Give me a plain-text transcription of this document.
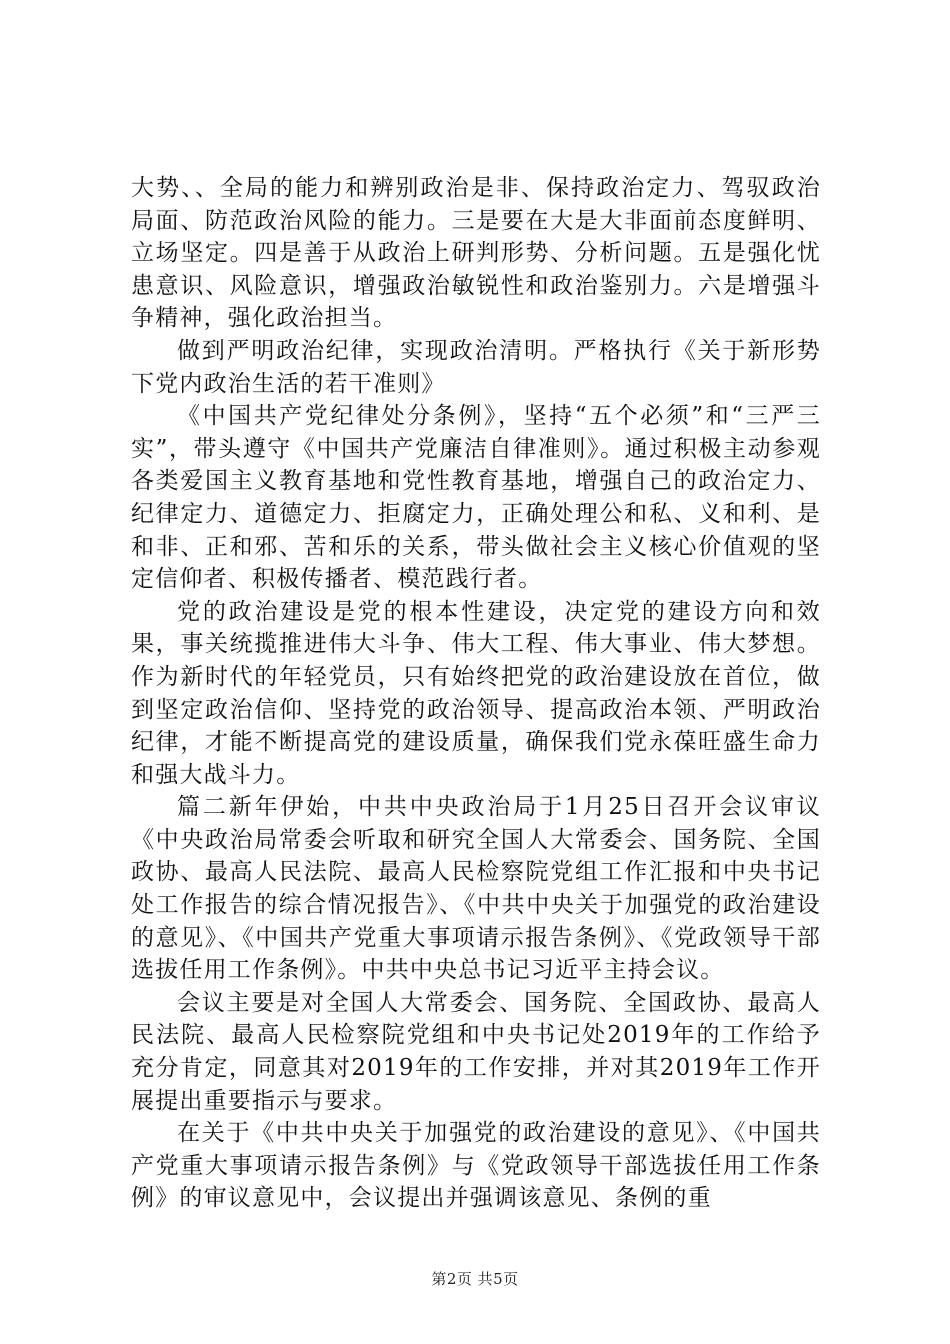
大势、、全局的能力和辨别政治是非、保持政治定力、驾驭政治局面、防范政治风险的能力。三是要在大是大非面前态度鲜明、立场坚定。四是善于从政治上研判形势、分析问题。五是强化忧患意识、风险意识，增强政治敏锐性和政治鉴别力。六是增强斗争精神，强化政治担当。

做到严明政治纪律，实现政治清明。严格执行《关于新形势下党内政治生活的若干准则》

《中国共产党纪律处分条例》，坚持“五个必须”和“三严三实”，带头遵守《中国共产党廉洁自律准则》。通过积极主动参观各类爱国主义教育基地和党性教育基地，增强自己的政治定力、纪律定力、道德定力、拒腐定力，正确处理公和私、义和利、是和非、正和邪、苦和乐的关系，带头做社会主义核心价值观的坚定信仰者、积极传播者、模范践行者。

党的政治建设是党的根本性建设，决定党的建设方向和效果，事关统揽推进伟大斗争、伟大工程、伟大事业、伟大梦想。作为新时代的年轻党员，只有始终把党的政治建设放在首位，做到坚定政治信仰、坚持党的政治领导、提高政治本领、严明政治纪律，才能不断提高党的建设质量，确保我们党永葆旺盛生命力和强大战斗力。

篇二新年伊始，中共中央政治局于1月25日召开会议审议《中央政治局常委会听取和研究全国人大常委会、国务院、全国政协、最高人民法院、最高人民检察院党组工作汇报和中央书记处工作报告的综合情况报告》、《中共中央关于加强党的政治建设的意见》、《中国共产党重大事项请示报告条例》、《党政领导干部选拔任用工作条例》。中共中央总书记习近平主持会议。

会议主要是对全国人大常委会、国务院、全国政协、最高人民法院、最高人民检察院党组和中央书记处2019年的工作给予充分肯定，同意其对2019年的工作安排，并对其2019年工作开展提出重要指示与要求。

在关于《中共中央关于加强党的政治建设的意见》、《中国共产党重大事项请示报告条例》与《党政领导干部选拔任用工作条例》的审议意见中，会议提出并强调该意见、条例的重

第2页 共5页
